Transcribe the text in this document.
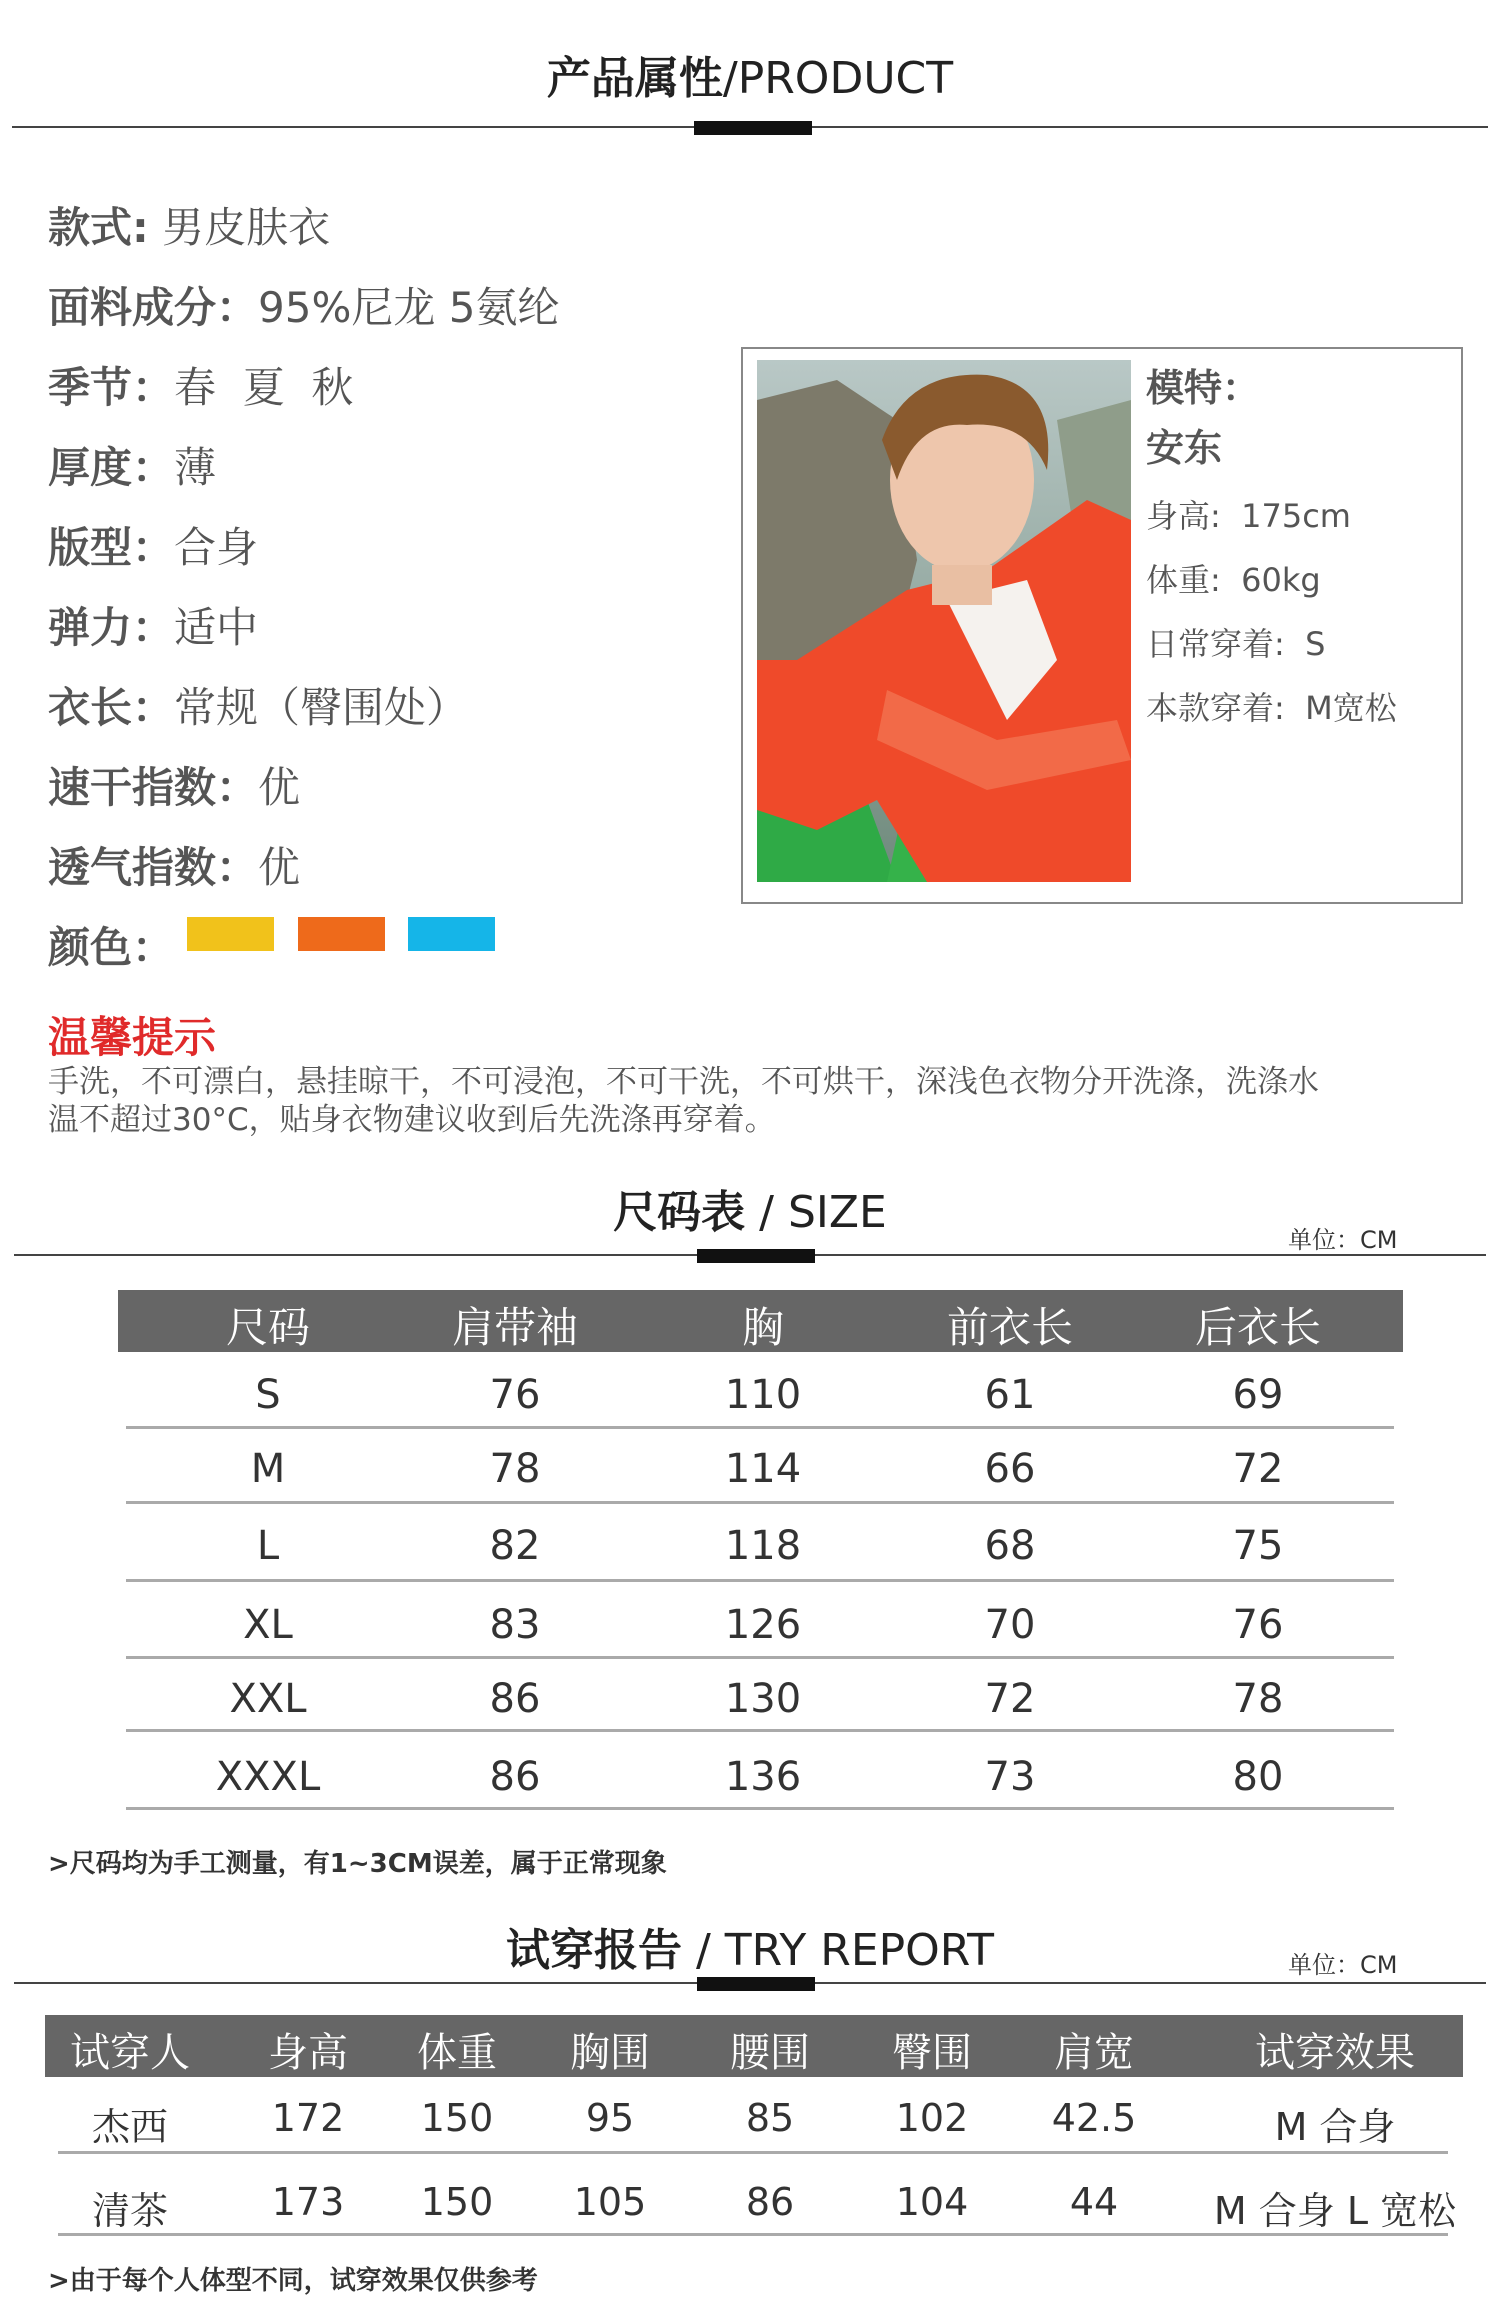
产品属性/PRODUCT
款式: 男皮肤衣
面料成分：95%尼龙 5氨纶
季节：春  夏  秋
厚度：薄
版型：合身
弹力：适中
衣长：常规（臀围处）
速干指数：优
透气指数：优
颜色：
模特：
安东
身高:  175cm
体重:  60kg
日常穿着:  S
本款穿着:  M宽松
温馨提示
手洗，不可漂白，悬挂晾干，不可浸泡，不可干洗，不可烘干，深浅色衣物分开洗涤，洗涤水温不超过30°C，贴身衣物建议收到后先洗涤再穿着。
尺码表 / SIZE
单位：CM
尺码	肩带袖	胸	前衣长	后衣长
S	76	110	61	69
M	78	114	66	72
L	82	118	68	75
XL	83	126	70	76
XXL	86	130	72	78
XXXL	86	136	73	80
>尺码均为手工测量，有1~3CM误差，属于正常现象
试穿报告 / TRY REPORT	单位：CM
试穿人	身高	体重	胸围	腰围	臀围	肩宽	试穿效果
杰西	172	150	95	85	102	42.5	M 合身
清茶	173	150	105	86	104	44	M 合身 L 宽松
>由于每个人体型不同，试穿效果仅供参考
